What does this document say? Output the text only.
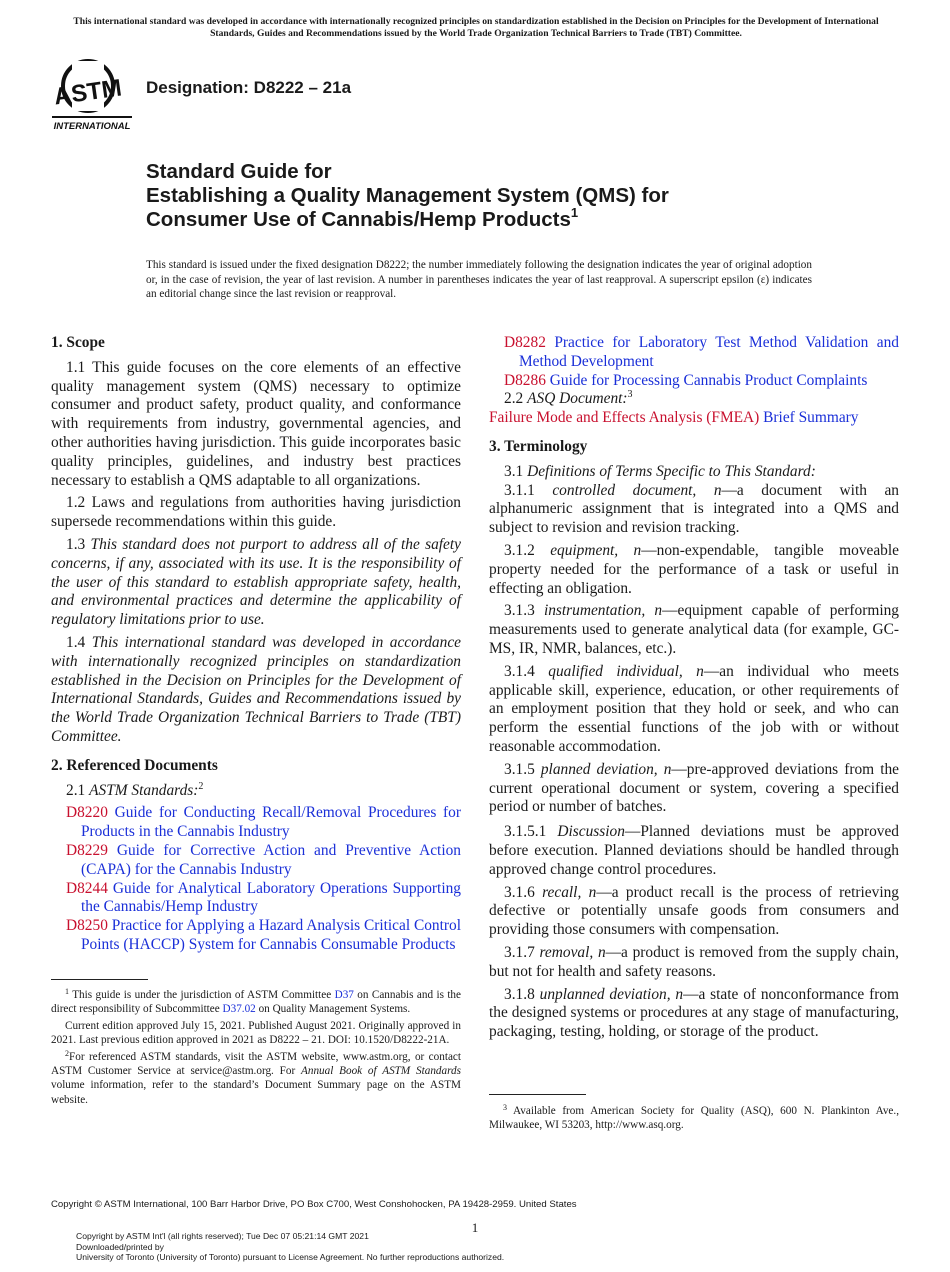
This international standard was developed in accordance with internationally recognized principles on standardization established in the Decision on Principles for the Development of International Standards, Guides and Recommendations issued by the World Trade Organization Technical Barriers to Trade (TBT) Committee.
ASTM
INTERNATIONAL
Designation: D8222 – 21a
Standard Guide for
Establishing a Quality Management System (QMS) for
Consumer Use of Cannabis/Hemp Products$^1$
This standard is issued under the fixed designation D8222; the number immediately following the designation indicates the year of original adoption or, in the case of revision, the year of last revision. A number in parentheses indicates the year of last reapproval. A superscript epsilon (ε) indicates an editorial change since the last revision or reapproval.
1. Scope

1.1 This guide focuses on the core elements of an effective quality management system (QMS) necessary to optimize consumer and product safety, product quality, and conformance with requirements from industry, governmental agencies, and other authorities having jurisdiction. This guide incorporates basic quality principles, guidelines, and industry best practices necessary to establish a QMS adaptable to all organizations.

1.2 Laws and regulations from authorities having jurisdiction supersede recommendations within this guide.

1.3 This standard does not purport to address all of the safety concerns, if any, associated with its use. It is the responsibility of the user of this standard to establish appropriate safety, health, and environmental practices and determine the applicability of regulatory limitations prior to use.

1.4 This international standard was developed in accordance with internationally recognized principles on standardization established in the Decision on Principles for the Development of International Standards, Guides and Recommendations issued by the World Trade Organization Technical Barriers to Trade (TBT) Committee.

2. Referenced Documents

2.1 ASTM Standards:$^2$

D8220 Guide for Conducting Recall/Removal Procedures for Products in the Cannabis Industry
D8229 Guide for Corrective Action and Preventive Action (CAPA) for the Cannabis Industry
D8244 Guide for Analytical Laboratory Operations Supporting the Cannabis/Hemp Industry
D8250 Practice for Applying a Hazard Analysis Critical Control Points (HACCP) System for Cannabis Consumable Products
D8282 Practice for Laboratory Test Method Validation and Method Development
D8286 Guide for Processing Cannabis Product Complaints

2.2 ASQ Document:$^3$

Failure Mode and Effects Analysis (FMEA) Brief Summary

3. Terminology

3.1 Definitions of Terms Specific to This Standard:

3.1.1 controlled document, n—a document with an alphanumeric assignment that is integrated into a QMS and subject to revision and revision tracking.

3.1.2 equipment, n—non-expendable, tangible moveable property needed for the performance of a task or useful in effecting an obligation.

3.1.3 instrumentation, n—equipment capable of performing measurements used to generate analytical data (for example, GC-MS, IR, NMR, balances, etc.).

3.1.4 qualified individual, n—an individual who meets applicable skill, experience, education, or other requirements of an employment position that they hold or seek, and who can perform the essential functions of the job with or without reasonable accommodation.

3.1.5 planned deviation, n—pre-approved deviations from the current operational document or system, covering a specified period or number of batches.

3.1.5.1 Discussion—Planned deviations must be approved before execution. Planned deviations should be handled through approved change control procedures.

3.1.6 recall, n—a product recall is the process of retrieving defective or potentially unsafe goods from consumers and providing those consumers with compensation.

3.1.7 removal, n—a product is removed from the supply chain, but not for health and safety reasons.

3.1.8 unplanned deviation, n—a state of nonconformance from the designed systems or procedures at any stage of manufacturing, packaging, testing, holding, or storage of the product.

$^1$ This guide is under the jurisdiction of ASTM Committee D37 on Cannabis and is the direct responsibility of Subcommittee D37.02 on Quality Management Systems.

Current edition approved July 15, 2021. Published August 2021. Originally approved in 2021. Last previous edition approved in 2021 as D8222 – 21. DOI: 10.1520/D8222-21A.

$^2$For referenced ASTM standards, visit the ASTM website, www.astm.org, or contact ASTM Customer Service at service@astm.org. For Annual Book of ASTM Standards volume information, refer to the standard’s Document Summary page on the ASTM website.

$^3$ Available from American Society for Quality (ASQ), 600 N. Plankinton Ave., Milwaukee, WI 53203, http://www.asq.org.

Copyright © ASTM International, 100 Barr Harbor Drive, PO Box C700, West Conshohocken, PA 19428-2959. United States
1
Copyright by ASTM Int'l (all rights reserved); Tue Dec 07 05:21:14 GMT 2021
Downloaded/printed by
University of Toronto (University of Toronto) pursuant to License Agreement. No further reproductions authorized.
